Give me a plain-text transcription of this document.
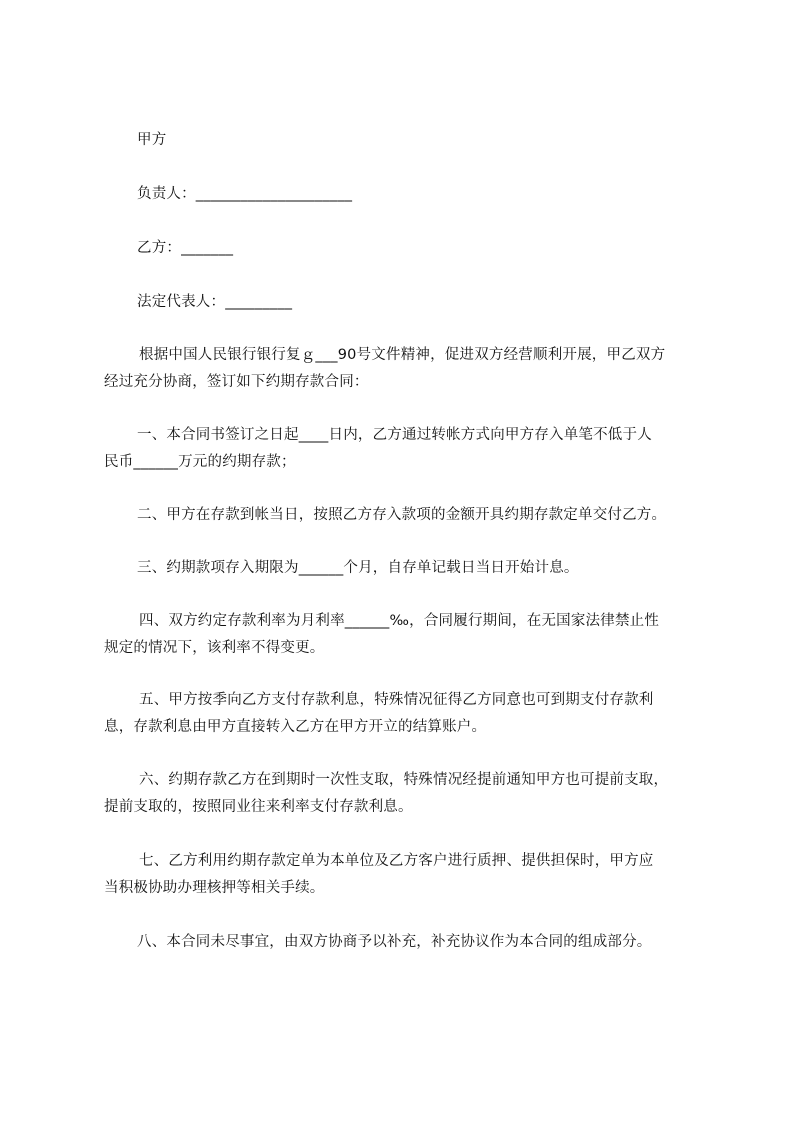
甲方
负责人：_____________________
乙方：_______
法定代表人：_________
根据中国人民银行银行复ｇ___90号文件精神，促进双方经营顺利开展，甲乙双方
经过充分协商，签订如下约期存款合同：
一、本合同书签订之日起____日内，乙方通过转帐方式向甲方存入单笔不低于人
民币______万元的约期存款；
二、甲方在存款到帐当日，按照乙方存入款项的金额开具约期存款定单交付乙方。
三、约期款项存入期限为______个月，自存单记载日当日开始计息。
四、双方约定存款利率为月利率______‰，合同履行期间，在无国家法律禁止性
规定的情况下，该利率不得变更。
五、甲方按季向乙方支付存款利息，特殊情况征得乙方同意也可到期支付存款利
息，存款利息由甲方直接转入乙方在甲方开立的结算账户。
六、约期存款乙方在到期时一次性支取，特殊情况经提前通知甲方也可提前支取，
提前支取的，按照同业往来利率支付存款利息。
七、乙方利用约期存款定单为本单位及乙方客户进行质押、提供担保时，甲方应
当积极协助办理核押等相关手续。
八、本合同未尽事宜，由双方协商予以补充，补充协议作为本合同的组成部分。
